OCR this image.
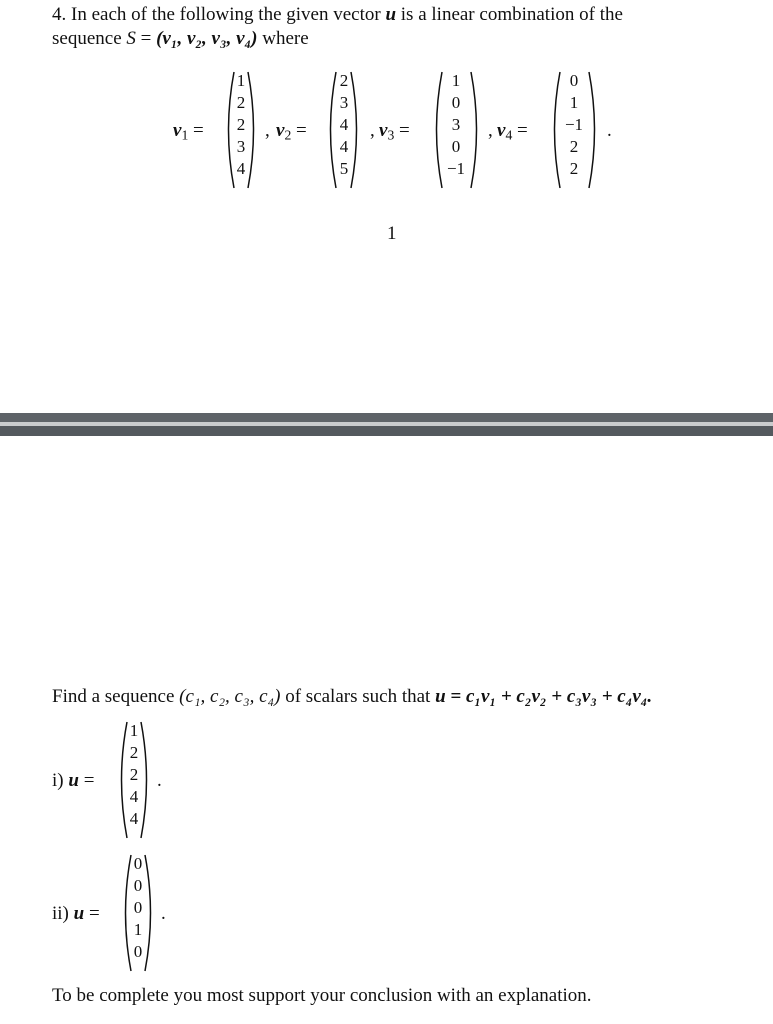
4. In each of the following the given vector u is a linear combination of the
sequence S = (v₁, v₂, v₃, v₄) where
$v_1$ =
1
2
2
3
4
, $v_2$ =
2
3
4
4
5
, $v_3$ =
1
0
3
0
−1
, $v_4$ =
0
1
−1
2
2
.
1
Find a sequence (c₁, c₂, c₃, c₄) of scalars such that u = c₁v₁ + c₂v₂ + c₃v₃ + c₄v₄.
i) u =
1
2
2
4
4
.
ii) u =
0
0
0
1
0
.
To be complete you most support your conclusion with an explanation.
